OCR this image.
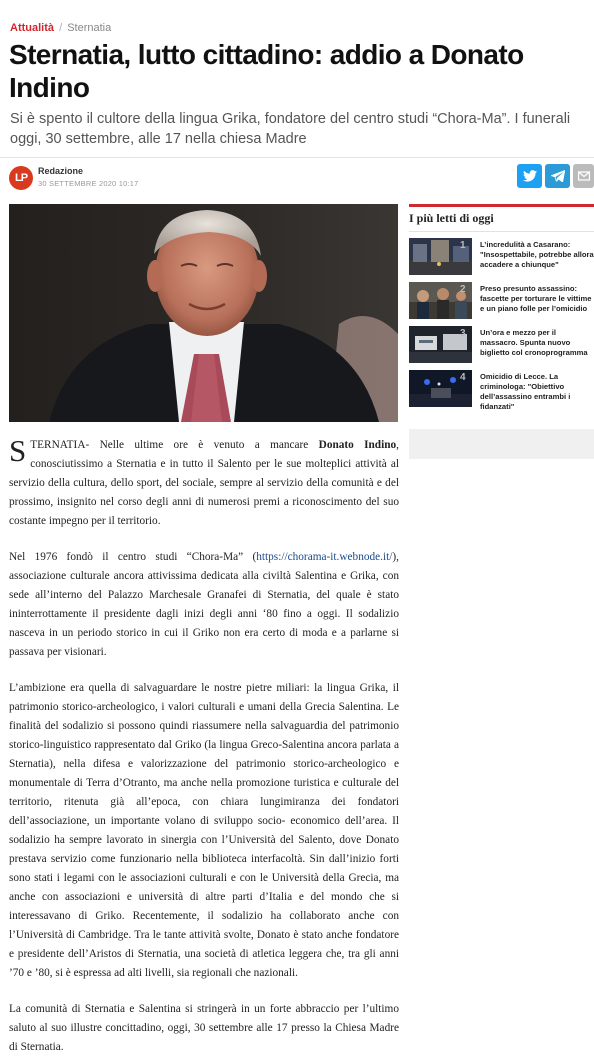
Attualità / Sternatia
Sternatia, lutto cittadino: addio a Donato Indino
Si è spento il cultore della lingua Grika, fondatore del centro studi “Chora-Ma”. I funerali oggi, 30 settembre, alle 17 nella chiesa Madre
LP
Redazione
30 SETTEMBRE 2020 10:17

STERNATIA- Nelle ultime ore è venuto a mancare Donato Indino, conosciutissimo a Sternatia e in tutto il Salento per le sue molteplici attività al servizio della cultura, dello sport, del sociale, sempre al servizio della comunità e del prossimo, insignito nel corso degli anni di numerosi premi a riconoscimento del suo costante impegno per il territorio.

Nel 1976 fondò il centro studi “Chora-Ma” (https://chorama-it.webnode.it/), associazione culturale ancora attivissima dedicata alla civiltà Salentina e Grika, con sede all’interno del Palazzo Marchesale Granafei di Sternatia, del quale è stato ininterrottamente il presidente dagli inizi degli anni ‘80 fino a oggi. Il sodalizio nasceva in un periodo storico in cui il Griko non era certo di moda e a parlarne si passava per visionari.

L’ambizione era quella di salvaguardare le nostre pietre miliari: la lingua Grika, il patrimonio storico-archeologico, i valori culturali e umani della Grecia Salentina. Le finalità del sodalizio si possono quindi riassumere nella salvaguardia del patrimonio storico-linguistico rappresentato dal Griko (la lingua Greco-Salentina ancora parlata a Sternatia), nella difesa e valorizzazione del patrimonio storico-archeologico e monumentale di Terra d’Otranto, ma anche nella promozione turistica e culturale del territorio, ritenuta già all’epoca, con chiara lungimiranza dei fondatori dell’associazione, un importante volano di sviluppo socio- economico dell’area. Il sodalizio ha sempre lavorato in sinergia con l’Università del Salento, dove Donato prestava servizio come funzionario nella biblioteca interfacoltà. Sin dall’inizio forti sono stati i legami con le associazioni culturali e con le Università della Grecia, ma anche con associazioni e università di altre parti d’Italia e del mondo che si interessavano di Griko. Recentemente, il sodalizio ha collaborato anche con l’Università di Cambridge. Tra le tante attività svolte, Donato è stato anche fondatore e presidente dell’Aristos di Sternatia, una società di atletica leggera che, tra gli anni ’70 e ’80, si è espressa ad alti livelli, sia regionali che nazionali.

La comunità di Sternatia e Salentina si stringerà in un forte abbraccio per l’ultimo saluto al suo illustre concittadino, oggi, 30 settembre alle 17 presso la Chiesa Madre di Sternatia.

I più letti di oggi
1 L’incredulità a Casarano: "Insospettabile, potrebbe allora accadere a chiunque"
2 Preso presunto assassino: fascette per torturare le vittime e un piano folle per l’omicidio
3 Un’ora e mezzo per il massacro. Spunta nuovo biglietto col cronoprogramma
4 Omicidio di Lecce. La criminologa: "Obiettivo dell’assassino entrambi i fidanzati"
